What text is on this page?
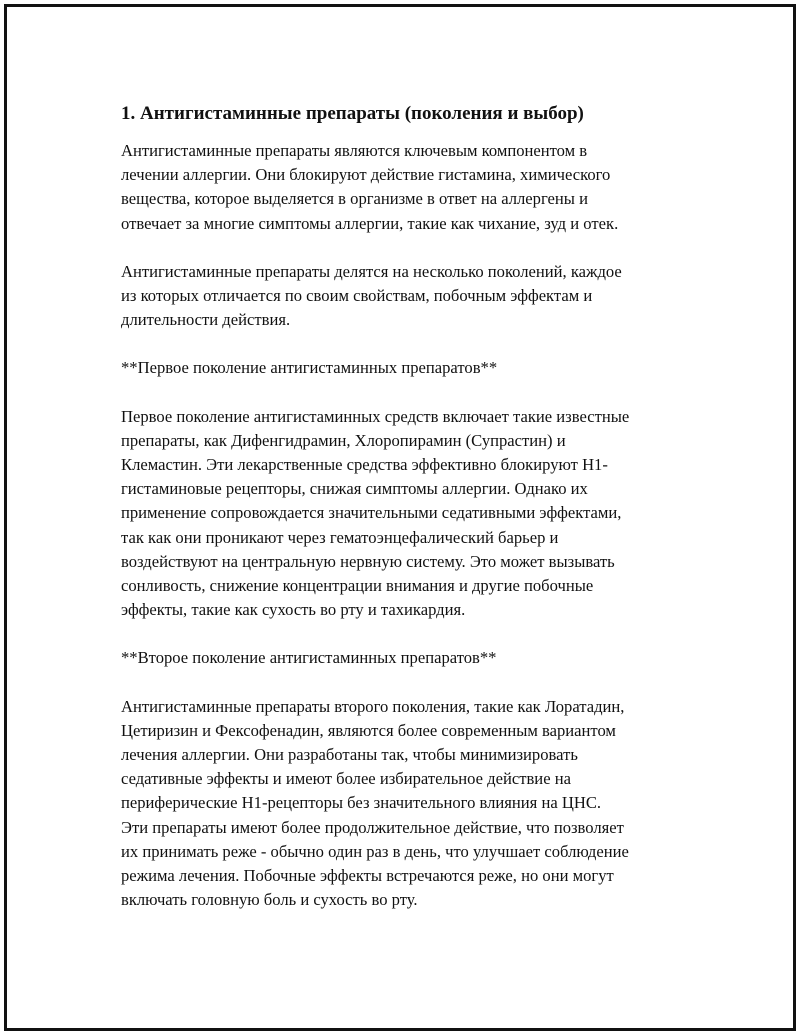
1. Антигистаминные препараты (поколения и выбор)

Антигистаминные препараты являются ключевым компонентом в
лечении аллергии. Они блокируют действие гистамина, химического
вещества, которое выделяется в организме в ответ на аллергены и
отвечает за многие симптомы аллергии, такие как чихание, зуд и отек.

Антигистаминные препараты делятся на несколько поколений, каждое
из которых отличается по своим свойствам, побочным эффектам и
длительности действия.

**Первое поколение антигистаминных препаратов**

Первое поколение антигистаминных средств включает такие известные
препараты, как Дифенгидрамин, Хлоропирамин (Супрастин) и
Клемастин. Эти лекарственные средства эффективно блокируют Н1-
гистаминовые рецепторы, снижая симптомы аллергии. Однако их
применение сопровождается значительными седативными эффектами,
так как они проникают через гематоэнцефалический барьер и
воздействуют на центральную нервную систему. Это может вызывать
сонливость, снижение концентрации внимания и другие побочные
эффекты, такие как сухость во рту и тахикардия.

**Второе поколение антигистаминных препаратов**

Антигистаминные препараты второго поколения, такие как Лоратадин,
Цетиризин и Фексофенадин, являются более современным вариантом
лечения аллергии. Они разработаны так, чтобы минимизировать
седативные эффекты и имеют более избирательное действие на
периферические Н1-рецепторы без значительного влияния на ЦНС.
Эти препараты имеют более продолжительное действие, что позволяет
их принимать реже - обычно один раз в день, что улучшает соблюдение
режима лечения. Побочные эффекты встречаются реже, но они могут
включать головную боль и сухость во рту.
